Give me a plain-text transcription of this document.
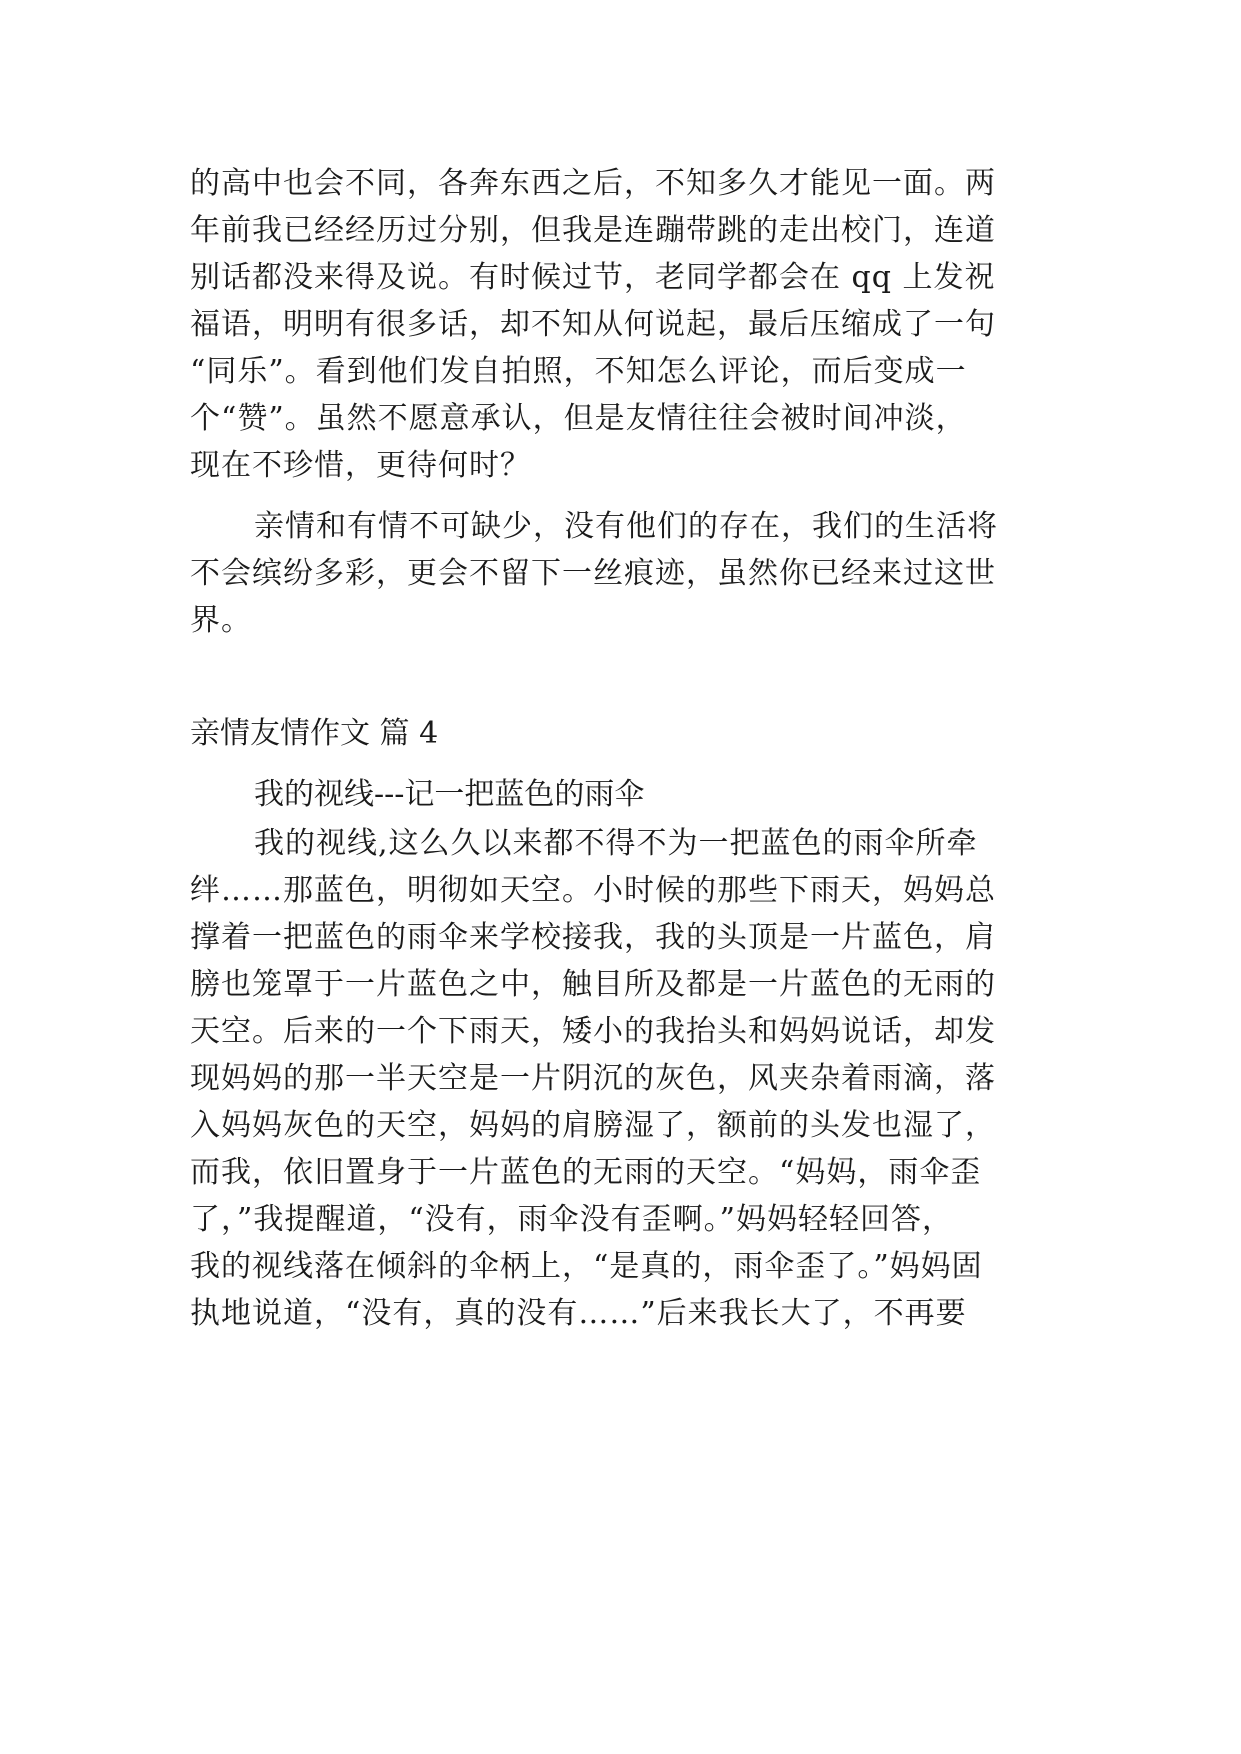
的高中也会不同，各奔东西之后，不知多久才能见一面。两
年前我已经经历过分别，但我是连蹦带跳的走出校门，连道
别话都没来得及说。有时候过节，老同学都会在 qq 上发祝
福语，明明有很多话，却不知从何说起，最后压缩成了一句
“同乐”。看到他们发自拍照，不知怎么评论，而后变成一
个“赞”。虽然不愿意承认，但是友情往往会被时间冲淡，
现在不珍惜，更待何时？
亲情和有情不可缺少，没有他们的存在，我们的生活将
不会缤纷多彩，更会不留下一丝痕迹，虽然你已经来过这世
界。
亲情友情作文 篇 4
我的视线---记一把蓝色的雨伞
我的视线,这么久以来都不得不为一把蓝色的雨伞所牵
绊……那蓝色，明彻如天空。小时候的那些下雨天，妈妈总
撑着一把蓝色的雨伞来学校接我，我的头顶是一片蓝色，肩
膀也笼罩于一片蓝色之中，触目所及都是一片蓝色的无雨的
天空。后来的一个下雨天，矮小的我抬头和妈妈说话，却发
现妈妈的那一半天空是一片阴沉的灰色，风夹杂着雨滴，落
入妈妈灰色的天空，妈妈的肩膀湿了，额前的头发也湿了，
而我，依旧置身于一片蓝色的无雨的天空。“妈妈，雨伞歪
了，”我提醒道，“没有，雨伞没有歪啊。”妈妈轻轻回答，
我的视线落在倾斜的伞柄上，“是真的，雨伞歪了。”妈妈固
执地说道，“没有，真的没有……”后来我长大了，不再要
